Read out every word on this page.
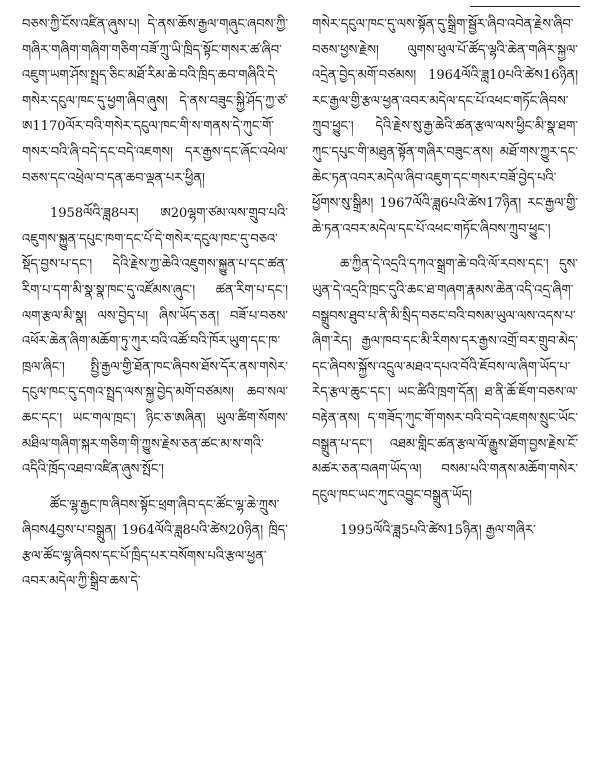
བཅས་ཀྱི་ངོས་འཛིན་ཞུས་པ། དེ་ནས་ཆོས་རྒྱལ་གཞུང་ཞབས་ཀྱི་གཞིར་གཞིག་གཞིག་གཅིག་བཟོ་ཀྲུ་ཡི་ཁྲིད་སྟོང་གསར་ཚ་ཞིབ་འཇུག་ཡག་ཤོས་སྤྲད་ཅིང་མཐོ་རིམ་ཆེ་བའི་ཁྲིད་ཆབ་གཞིའི་དེ་གསེར་དངུལ་ཁང་དུ་ཕྱག་ཞིབ་ཞུས། དེ་ནས་བཟུང་སྐྱི་ཤོད་ཀྱ་ཙ་ཨ1170ལོར་བའི་གསེར་དངུལ་ཁང་གི་ས་གནས་དེ་ཀུང་གོ་གསར་བའི་ཞི་བདེ་དང་བདེ་འཇགས། དར་རྒྱས་དང་ཞོང་འཕེལ་བཅས་དང་འཕྲེལ་བ་དན་ཆབ་ལྡན་པར་ཕྱིན།

1958ལོའི་ཟླ8པར། ཨ20ལྷག་ཙམ་ལས་གྲུབ་པའི་འཇུགས་སྐྱུན་དཔུང་ཁག་དང་པོ་དེ་གསེར་དངུལ་ཁང་དུ་བཅའ་སྡོད་བྱས་པ་དང་། དེའི་རྗེས་ཀྱ་ཆེའི་འཇུགས་སྐྱུན་པ་དང་ཚན་རིག་པ་དག་མི་སྣ་སྣ་ཁང་དུ་འཛོམས་ཞུང་། ཚན་རིག་པ་དང་། ལག་རྩལ་མི་སྣ། ལས་བྱེད་པ། ཞིས་ཡོད་ཅན། བཟོ་པ་བཅས་འཕོར་ཆེན་ཞིག་མཆོག་ཏུ་ཀུར་བའི་འཚོ་བའི་ཁོར་ཡུག་དང་ཁ་ཁྲལ་ཞིང་། སྤྱི་རྒྱལ་གྱི་ཐོན་ཁང་ཞིབས་ཐོས་དོར་ནས་གསེར་དངུལ་ཁང་དུ་དགའ་སྤྲད་ལས་སྐྱ་བྱེད་མགོ་བཙམས། ཆབ་སལ་ཆང་དང་། ཡང་གལ་ཁྲང་། ཉིང་ཅ་ཨཞིན། ཡུལ་ཚིག་སོགས་མཐིལ་གཞིག་སྐར་གཅིག་གི་ཀྱུས་རྗེས་ཅན་ཚང་མ་ས་གའི་འདིའི་ཁྲོད་འཐབ་འཛིན་ཞུས་སྤོང་།

ཚོང་ལྷ་རྒྱང་ཁ་ཞིབས་སྟོང་ཕྲག་ཞིབ་དང་ཚོང་ལྷ་ཆེ་ཀྲུས་ཞིབས4བྱས་པ་བསྒྲུན། 1964ལོའི་ཟླ8པའི་ཚེས20ཉིན། ཁྲིད་རྩལ་ཚོང་ལྷ་ཞིབས་དང་པོ་ཁྲིད་པར་བསོགས་པའི་རྩལ་ཕྱན་འབར་མདེལ་ཀྱི་སྒྲིབ་ཆས་དེ་

གསེར་དངུལ་ཁང་དུ་ལས་སྟོན་དུ་སྒྲིག་སྦྱོར་ཞིབ་འབེན་རྗེས་ཞིབ་བཅས་ཕྱས་རྗེས། ལུགས་ཕུལ་པོ་ཚོད་ལྷའི་ཆེན་གཞིར་སྐྱལ་འདྲེན་བྱེད་མགོ་བཙམས། 1964ལོའི་ཟླ10པའི་ཚེས16ཉིན། རང་རྒྱལ་གྱི་རྩལ་ཕྱན་འབར་མདེལ་དང་པོ་འཕང་གཏོང་ཞིབས་ཀྲུབ་ཕྱུང་། དེའི་རྗེས་སུ་རྒྱ་ཆེའི་ཚན་རྩལ་ལས་ཕྱིང་མི་སྣ་ཐག་ཀུང་དཔུང་གི་མཐུན་སྟོན་གཞིར་བཟུང་ནས། མཐོ་གས་ཀྱུར་དང་ཆེང་ཏན་འབར་མདེལ་ཞིབ་འཇུག་དང་གསར་བཟོ་བྱེད་པའི་ཕྱོགས་སུ་སྒྲིམ། 1967ལོའི་ཟླ6པའི་ཚེས17ཉིན། རང་རྒྱལ་གྱི་ཆེ་ཏན་འབར་མདེལ་དང་པོ་འཕང་གཏོང་ཞིབས་ཀྲུབ་ཕྱུང་།

ཆ་ཀྱིན་དེ་འདྲའི་དཀའ་སྒྲག་ཆེ་བའི་ལོ་རབས་དང་། དུས་ཡུན་དེ་འདྲའི་ཁྲང་དུའི་ཆང་ཐ་གཞག་རྣམས་ཆེན་འདི་འདྲ་ཞིག་བསྒྲུབས་ཐུབ་པ་ནི་མི་སྲིད་བཅང་བའི་བསམ་ཡུལ་ལས་འདས་པ་ཞིག་རེད། རྒྱལ་ཁབ་དང་མི་རིགས་དར་རྒྱས་འགྲོ་བར་གྲུབ་མེད་དང་ཞིབས་སྐྱོས་འདྲུལ་མཐའ་དཔའ་བོའི་ཇོབས་ལ་ཞིག་ཡོད་པ་རེད་རྩལ་ཆུང་དང་། ཡང་ཚིའི་ཁྲག་དོན། ཐ་ནི་ཆོ་ཇོག་བཅས་ལ་བརྟེན་ནས། ད་གཟོད་ཀུང་གོ་གསར་བའི་བདེ་འཇགས་སྲུང་ཡོང་བསྒྲུན་པ་དང་། འཐམ་གླིང་ཚན་རྩལ་ལོ་རྒྱུས་ཐོག་བྱས་རྗེས་ངོ་མཚར་ཅན་བཞག་ཡོད་ལ། བསམ་པའི་གནས་མཆོག་གསེར་དངུལ་ཁང་ཡང་ཀུང་འབྱུང་བསྒྲུན་ཡོད།

1995ལོའི་ཟླ5པའི་ཚེས15ཉིན། རྒྱལ་གཞིར་
